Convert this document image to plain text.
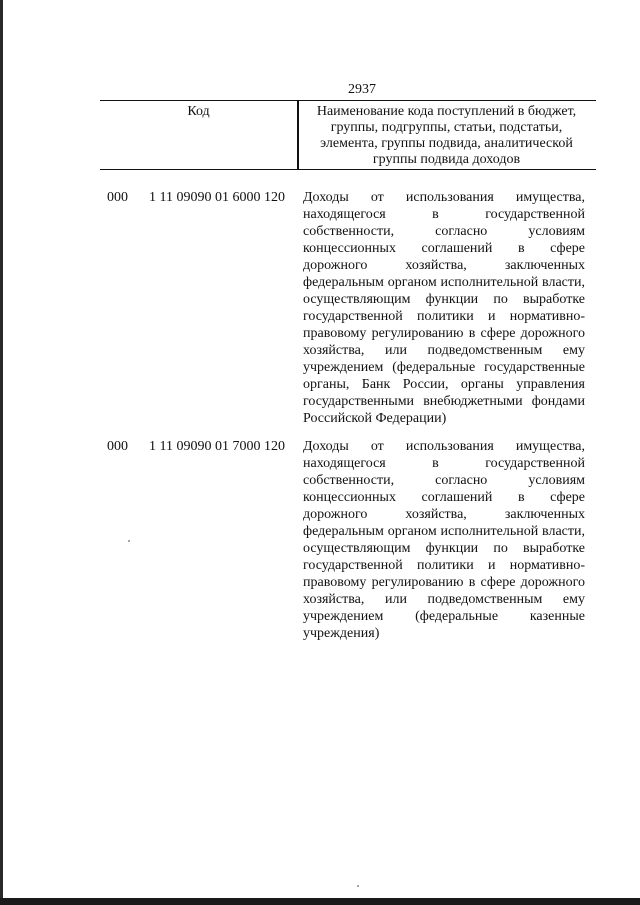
2937
Код	Наименование кода поступлений в бюджет, группы, подгруппы, статьи, подстатьи, элемента, группы подвида, аналитической группы подвида доходов
000 1 11 09090 01 6000 120 Доходы от использования имущества, находящегося в государственной собственности, согласно условиям концессионных соглашений в сфере дорожного хозяйства, заключенных федеральным органом исполнительной власти, осуществляющим функции по выработке государственной политики и нормативно-правовому регулированию в сфере дорожного хозяйства, или подведомственным ему учреждением (федеральные государственные органы, Банк России, органы управления государственными внебюджетными фондами Российской Федерации)
000 1 11 09090 01 7000 120 Доходы от использования имущества, находящегося в государственной собственности, согласно условиям концессионных соглашений в сфере дорожного хозяйства, заключенных федеральным органом исполнительной власти, осуществляющим функции по выработке государственной политики и нормативно-правовому регулированию в сфере дорожного хозяйства, или подведомственным ему учреждением (федеральные казенные учреждения)
